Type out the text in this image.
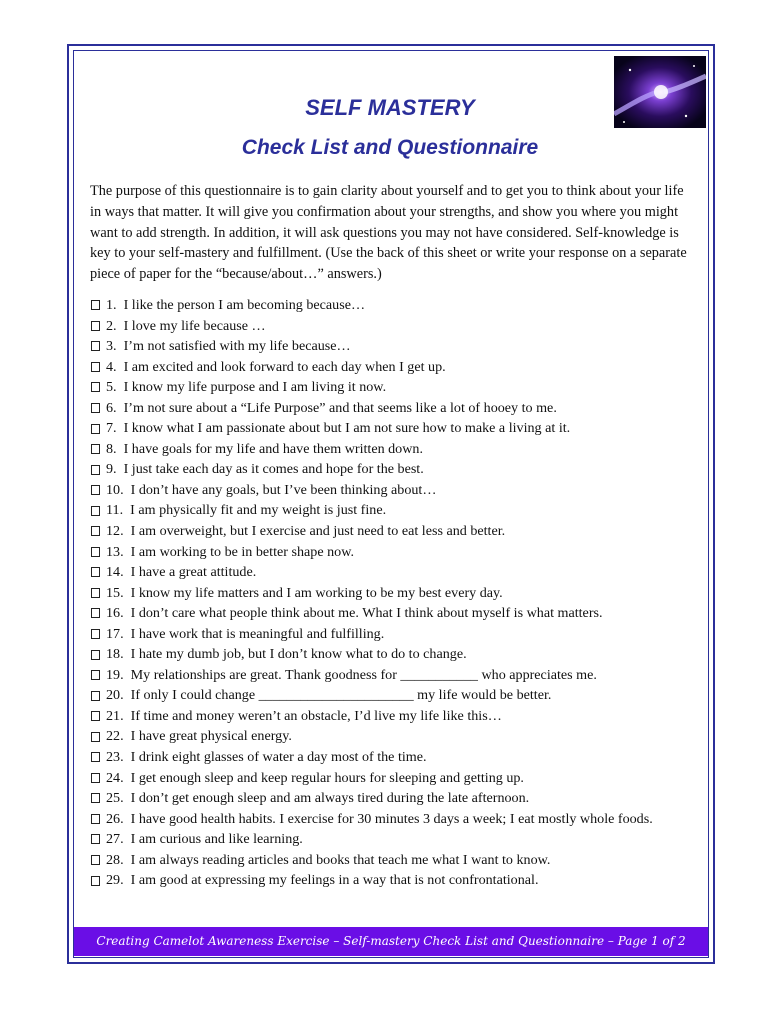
SELF MASTERY
Check List and Questionnaire

The purpose of this questionnaire is to gain clarity about yourself and to get you to think about your life in ways that matter. It will give you confirmation about your strengths, and show you where you might want to add strength. In addition, it will ask questions you may not have considered. Self-knowledge is key to your self-mastery and fulfillment. (Use the back of this sheet or write your response on a separate piece of paper for the “because/about…” answers.)

1. I like the person I am becoming because…
2. I love my life because …
3. I’m not satisfied with my life because…
4. I am excited and look forward to each day when I get up.
5. I know my life purpose and I am living it now.
6. I’m not sure about a “Life Purpose” and that seems like a lot of hooey to me.
7. I know what I am passionate about but I am not sure how to make a living at it.
8. I have goals for my life and have them written down.
9. I just take each day as it comes and hope for the best.
10. I don’t have any goals, but I’ve been thinking about…
11. I am physically fit and my weight is just fine.
12. I am overweight, but I exercise and just need to eat less and better.
13. I am working to be in better shape now.
14. I have a great attitude.
15. I know my life matters and I am working to be my best every day.
16. I don’t care what people think about me. What I think about myself is what matters.
17. I have work that is meaningful and fulfilling.
18. I hate my dumb job, but I don’t know what to do to change.
19. My relationships are great. Thank goodness for ___________ who appreciates me.
20. If only I could change ______________________ my life would be better.
21. If time and money weren’t an obstacle, I’d live my life like this…
22. I have great physical energy.
23. I drink eight glasses of water a day most of the time.
24. I get enough sleep and keep regular hours for sleeping and getting up.
25. I don’t get enough sleep and am always tired during the late afternoon.
26. I have good health habits. I exercise for 30 minutes 3 days a week; I eat mostly whole foods.
27. I am curious and like learning.
28. I am always reading articles and books that teach me what I want to know.
29. I am good at expressing my feelings in a way that is not confrontational.
Creating Camelot Awareness Exercise – Self-mastery Check List and Questionnaire – Page 1 of 2
